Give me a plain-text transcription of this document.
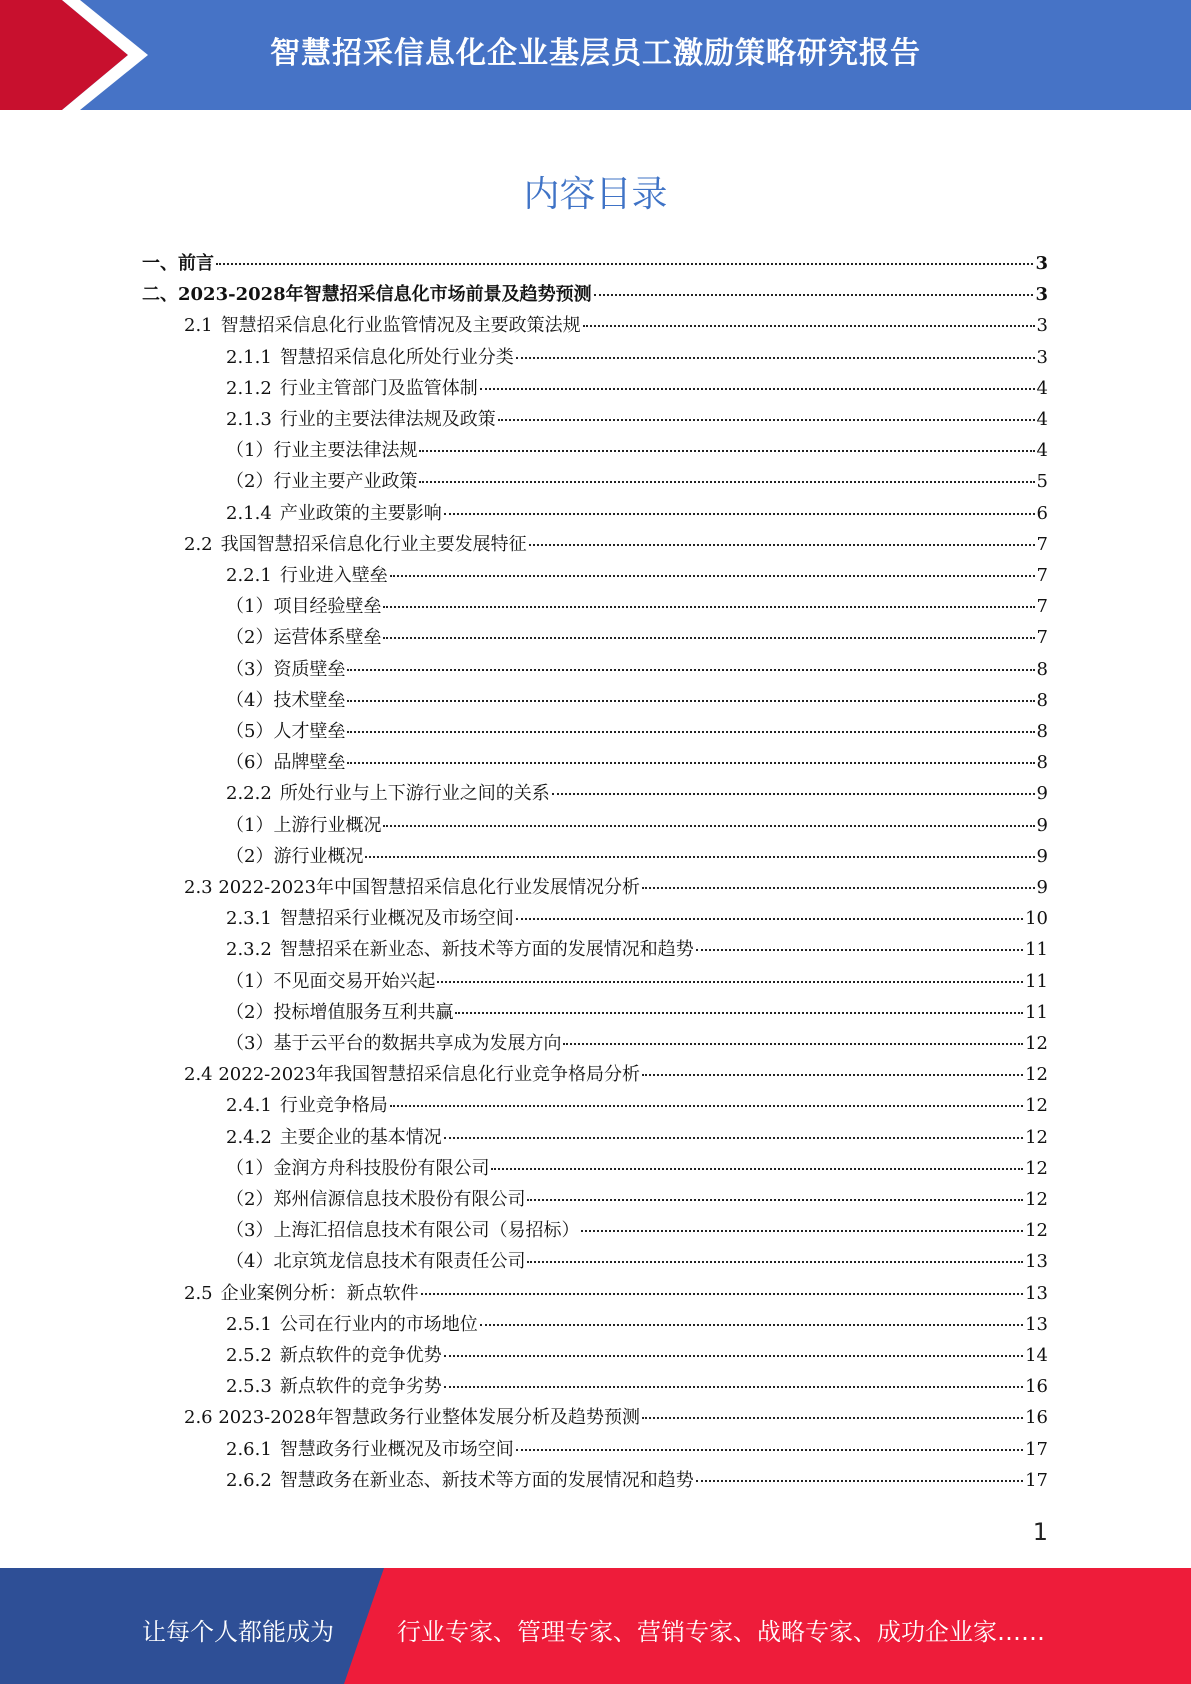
智慧招采信息化企业基层员工激励策略研究报告
内容目录
一、前言	3
二、2023-2028年智慧招采信息化市场前景及趋势预测	3
2.1 智慧招采信息化行业监管情况及主要政策法规	3
2.1.1 智慧招采信息化所处行业分类	3
2.1.2 行业主管部门及监管体制	4
2.1.3 行业的主要法律法规及政策	4
（1）行业主要法律法规	4
（2）行业主要产业政策	5
2.1.4 产业政策的主要影响	6
2.2 我国智慧招采信息化行业主要发展特征	7
2.2.1 行业进入壁垒	7
（1）项目经验壁垒	7
（2）运营体系壁垒	7
（3）资质壁垒	8
（4）技术壁垒	8
（5）人才壁垒	8
（6）品牌壁垒	8
2.2.2 所处行业与上下游行业之间的关系	9
（1）上游行业概况	9
（2）游行业概况	9
2.3 2022-2023年中国智慧招采信息化行业发展情况分析	9
2.3.1 智慧招采行业概况及市场空间	10
2.3.2 智慧招采在新业态、新技术等方面的发展情况和趋势	11
（1）不见面交易开始兴起	11
（2）投标增值服务互利共赢	11
（3）基于云平台的数据共享成为发展方向	12
2.4 2022-2023年我国智慧招采信息化行业竞争格局分析	12
2.4.1 行业竞争格局	12
2.4.2 主要企业的基本情况	12
（1）金润方舟科技股份有限公司	12
（2）郑州信源信息技术股份有限公司	12
（3）上海汇招信息技术有限公司（易招标）	12
（4）北京筑龙信息技术有限责任公司	13
2.5 企业案例分析：新点软件	13
2.5.1 公司在行业内的市场地位	13
2.5.2 新点软件的竞争优势	14
2.5.3 新点软件的竞争劣势	16
2.6 2023-2028年智慧政务行业整体发展分析及趋势预测	16
2.6.1 智慧政务行业概况及市场空间	17
2.6.2 智慧政务在新业态、新技术等方面的发展情况和趋势	17
1
让每个人都能成为	行业专家、管理专家、营销专家、战略专家、成功企业家……
